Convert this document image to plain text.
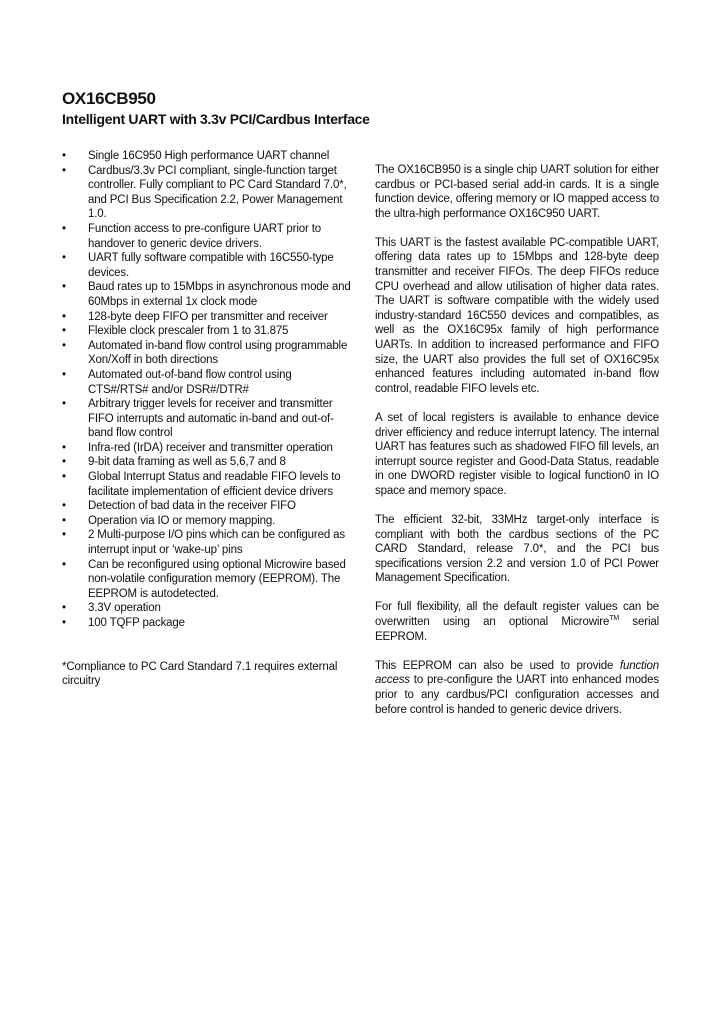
OX16CB950
Intelligent UART with 3.3v PCI/Cardbus Interface
• Single 16C950 High performance UART channel
• Cardbus/3.3v PCI compliant, single-function target controller. Fully compliant to PC Card Standard 7.0*, and PCI Bus Specification 2.2, Power Management 1.0.
• Function access to pre-configure UART prior to handover to generic device drivers.
• UART fully software compatible with 16C550-type devices.
• Baud rates up to 15Mbps in asynchronous mode and 60Mbps in external 1x clock mode
• 128-byte deep FIFO per transmitter and receiver
• Flexible clock prescaler from 1 to 31.875
• Automated in-band flow control using programmable Xon/Xoff in both directions
• Automated out-of-band flow control using CTS#/RTS# and/or DSR#/DTR#
• Arbitrary trigger levels for receiver and transmitter FIFO interrupts and automatic in-band and out-of-band flow control
• Infra-red (IrDA) receiver and transmitter operation
• 9-bit data framing as well as 5,6,7 and 8
• Global Interrupt Status and readable FIFO levels to facilitate implementation of efficient device drivers
• Detection of bad data in the receiver FIFO
• Operation via IO or memory mapping.
• 2 Multi-purpose I/O pins which can be configured as interrupt input or ‘wake-up’ pins
• Can be reconfigured using optional Microwire based non-volatile configuration memory (EEPROM). The EEPROM is autodetected.
• 3.3V operation
• 100 TQFP package
*Compliance to PC Card Standard 7.1 requires external circuitry

The OX16CB950 is a single chip UART solution for either cardbus or PCI-based serial add-in cards. It is a single function device, offering memory or IO mapped access to the ultra-high performance OX16C950 UART.

This UART is the fastest available PC-compatible UART, offering data rates up to 15Mbps and 128-byte deep transmitter and receiver FIFOs. The deep FIFOs reduce CPU overhead and allow utilisation of higher data rates. The UART is software compatible with the widely used industry-standard 16C550 devices and compatibles, as well as the OX16C95x family of high performance UARTs. In addition to increased performance and FIFO size, the UART also provides the full set of OX16C95x enhanced features including automated in-band flow control, readable FIFO levels etc.

A set of local registers is available to enhance device driver efficiency and reduce interrupt latency. The internal UART has features such as shadowed FIFO fill levels, an interrupt source register and Good-Data Status, readable in one DWORD register visible to logical function0 in IO space and memory space.

The efficient 32-bit, 33MHz target-only interface is compliant with both the cardbus sections of the PC CARD Standard, release 7.0*, and the PCI bus specifications version 2.2 and version 1.0 of PCI Power Management Specification.

For full flexibility, all the default register values can be overwritten using an optional Microwire™ serial EEPROM.

This EEPROM can also be used to provide function access to pre-configure the UART into enhanced modes prior to any cardbus/PCI configuration accesses and before control is handed to generic device drivers.
